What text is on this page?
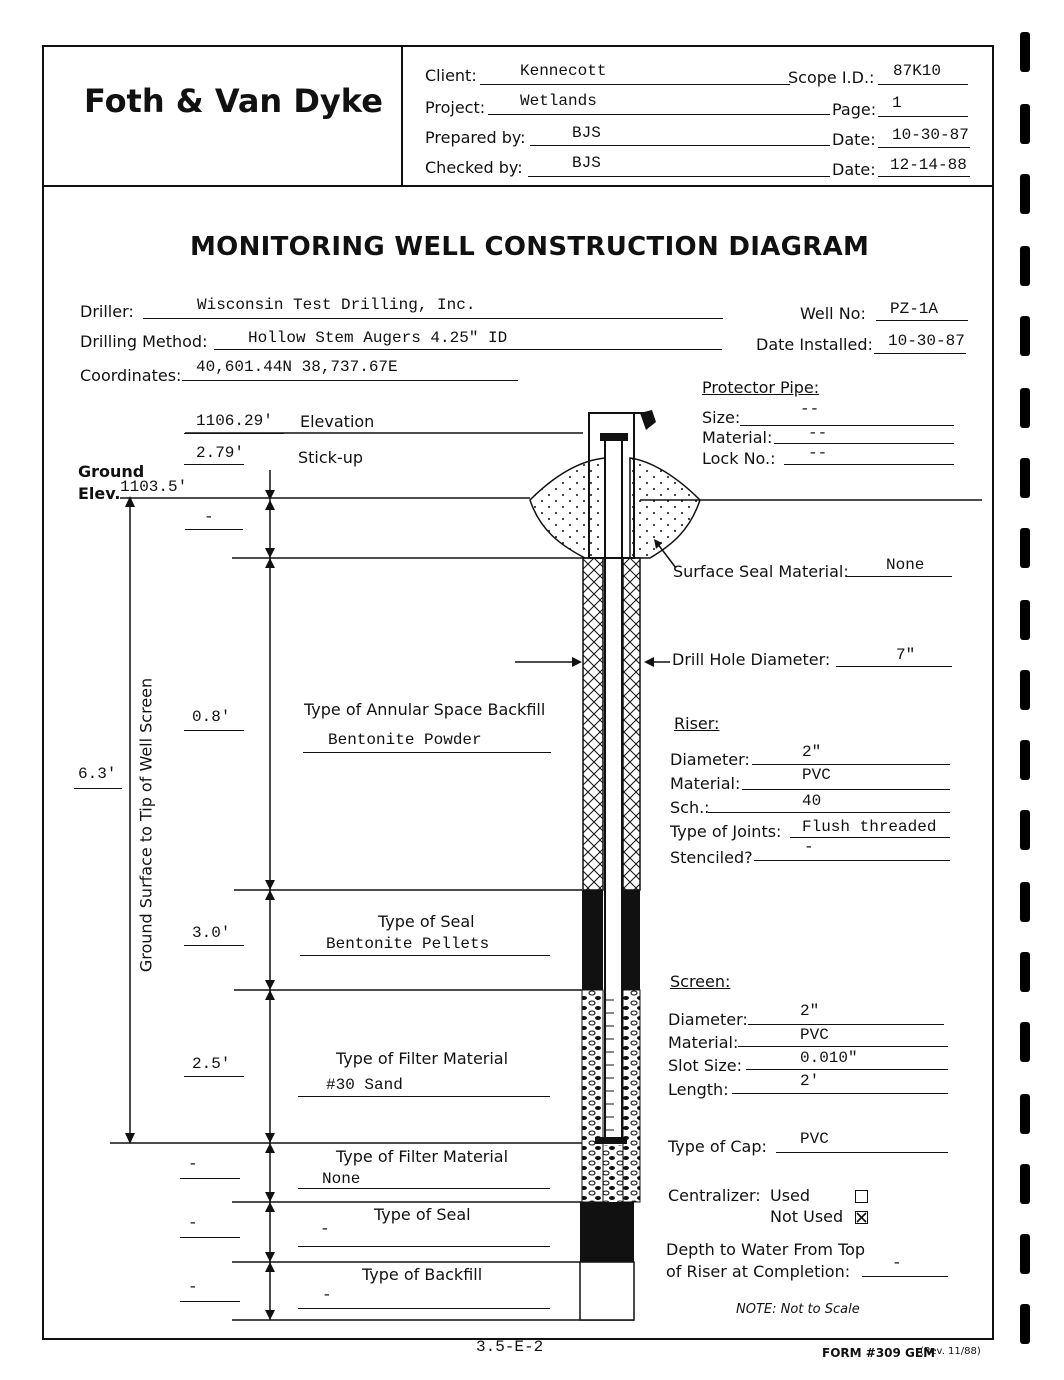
Foth & Van Dyke
Client:	Kennecott	Scope I.D.: 87K10
Project: Wetlands	Page: 1
Prepared by:	BJS	Date: 10-30-87
Checked by:	BJS	Date: 12-14-88
MONITORING WELL CONSTRUCTION DIAGRAM
Driller:	Wisconsin Test Drilling, Inc.
Drilling Method:	Hollow Stem Augers 4.25" ID
Coordinates: 40,601.44N 38,737.67E
Well No: PZ-1A
Date Installed: 10-30-87
1106.29' Elevation
2.79'	Stick-up
Ground
Elev. 1103.5'
-
6.3' Ground Surface to Tip of Well Screen 0.8'	Type of Annular Space Backfill
Bentonite Powder
3.0'
Type of Seal
Bentonite Pellets
2.5'	Type of Filter Material
#30 Sand
-	Type of Filter Material
None
-	Type of Seal
-
-
Type of Backfill
-
Protector Pipe:
Size:	--
Material: --
Lock No.: --
Surface Seal Material: None
Drill Hole Diameter:	7"
Riser:
Diameter:	2"
Material:	PVC
Sch.:	40
Type of Joints: Flush threaded
Stenciled?
-
Screen:
Diameter:	2"
Material:	PVC
Slot Size:	0.010"
Length:	2'
Type of Cap: PVC
Centralizer: Used
Not Used
Depth to Water From Top
of Riser at Completion:	-
NOTE: Not to Scale
3.5-E-2	FORM #309 GEM
(Rev. 11/88)
